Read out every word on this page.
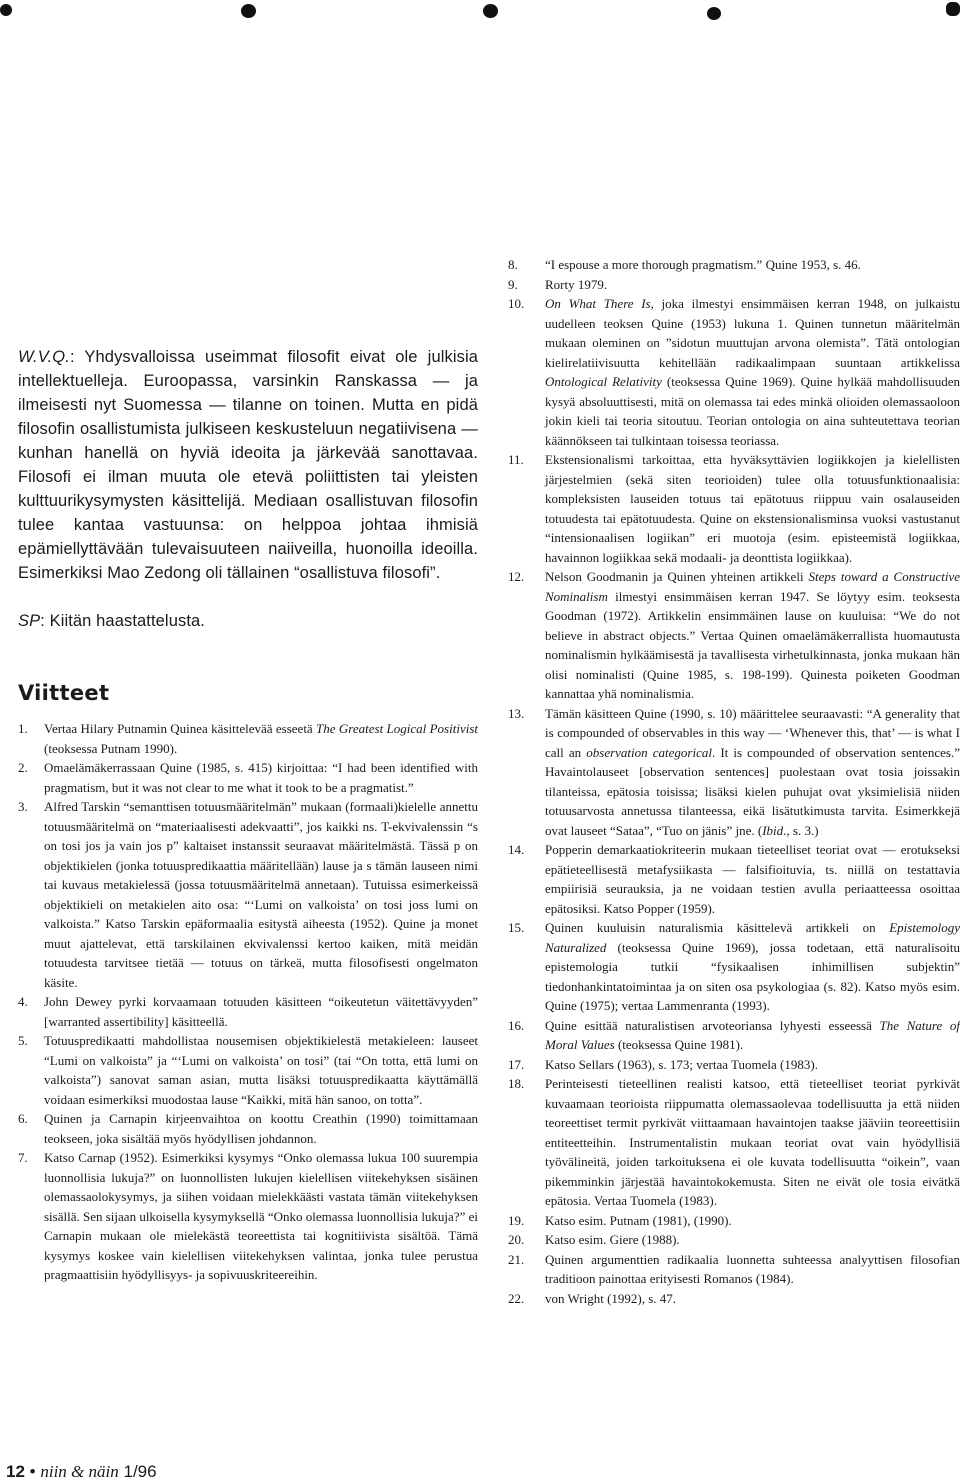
W.V.Q.: Yhdysvalloissa useimmat filosofit eivat ole julkisia intellektuelleja. Euroopassa, varsinkin Ranskassa — ja ilmeisesti nyt Suomessa — tilanne on toinen. Mutta en pidä filosofin osallistumista julkiseen keskusteluun negatiivisena — kunhan hanellä on hyviä ideoita ja järkevää sanottavaa. Filosofi ei ilman muuta ole etevä poliittisten tai yleisten kulttuurikysymysten käsittelijä. Mediaan osallistuvan filosofin tulee kantaa vastuunsa: on helppoa johtaa ihmisiä epämiellyttävään tulevaisuuteen naiiveilla, huonoilla ideoilla. Esimerkiksi Mao Zedong oli tällainen “osallistuva filosofi”.

SP: Kiitän haastattelusta.

Viitteet
1.	Vertaa Hilary Putnamin Quinea käsittelevää esseetä The Greatest Logical Positivist (teoksessa Putnam 1990).
2.	Omaelämäkerrassaan Quine (1985, s. 415) kirjoittaa: “I had been identified with pragmatism, but it was not clear to me what it took to be a pragmatist.”
3.	Alfred Tarskin “semanttisen totuusmääritelmän” mukaan (formaali)kielelle annettu totuusmääritelmä on “materiaalisesti adekvaatti”, jos kaikki ns. T-ekvivalenssin “s on tosi jos ja vain jos p” kaltaiset instanssit seuraavat määritelmästä. Tässä p on objektikielen (jonka totuuspredikaattia määritellään) lause ja s tämän lauseen nimi tai kuvaus metakielessä (jossa totuusmääritelmä annetaan). Tutuissa esimerkeissä objektikieli on metakielen aito osa: “‘Lumi on valkoista’ on tosi joss lumi on valkoista.” Katso Tarskin epäformaalia esitystä aiheesta (1952). Quine ja monet muut ajattelevat, että tarskilainen ekvivalenssi kertoo kaiken, mitä meidän totuudesta tarvitsee tietää — totuus on tärkeä, mutta filosofisesti ongelmaton käsite.
4.	John Dewey pyrki korvaamaan totuuden käsitteen “oikeutetun väitettävyyden” [warranted assertibility] käsitteellä.
5.	Totuuspredikaatti mahdollistaa nousemisen objektikielestä metakieleen: lauseet “Lumi on valkoista” ja “‘Lumi on valkoista’ on tosi” (tai “On totta, että lumi on valkoista”) sanovat saman asian, mutta lisäksi totuuspredikaatta käyttämällä voidaan esimerkiksi muodostaa lause “Kaikki, mitä hän sanoo, on totta”.
6.	Quinen ja Carnapin kirjeenvaihtoa on koottu Creathin (1990) toimittamaan teokseen, joka sisältää myös hyödyllisen johdannon.
7.	Katso Carnap (1952). Esimerkiksi kysymys “Onko olemassa lukua 100 suurempia luonnollisia lukuja?” on luonnollisten lukujen kielellisen viitekehyksen sisäinen olemassaolokysymys, ja siihen voidaan mielekkäästi vastata tämän viitekehyksen sisällä. Sen sijaan ulkoisella kysymyksellä “Onko olemassa luonnollisia lukuja?” ei Carnapin mukaan ole mielekästä teoreettista tai kognitiivista sisältöä. Tämä kysymys koskee vain kielellisen viitekehyksen valintaa, jonka tulee perustua pragmaattisiin hyödyllisyys- ja sopivuuskriteereihin.
8.	“I espouse a more thorough pragmatism.” Quine 1953, s. 46.
9.	Rorty 1979.
10.	On What There Is, joka ilmestyi ensimmäisen kerran 1948, on julkaistu uudelleen teoksen Quine (1953) lukuna 1. Quinen tunnetun määritelmän mukaan oleminen on ”sidotun muuttujan arvona olemista”. Tätä ontologian kielirelatiivisuutta kehitellään radikaalimpaan suuntaan artikkelissa Ontological Relativity (teoksessa Quine 1969). Quine hylkää mahdollisuuden kysyä absoluuttisesti, mitä on olemassa tai edes minkä olioiden olemassaoloon jokin kieli tai teoria sitoutuu. Teorian ontologia on aina suhteutettava teorian käännökseen tai tulkintaan toisessa teoriassa.
11.	Ekstensionalismi tarkoittaa, etta hyväksyttävien logiikkojen ja kielellisten järjestelmien (sekä siten teorioiden) tulee olla totuusfunktionaalisia: kompleksisten lauseiden totuus tai epätotuus riippuu vain osalauseiden totuudesta tai epätotuudesta. Quine on ekstensionalisminsa vuoksi vastustanut “intensionaalisen logiikan” eri muotoja (esim. episteemistä logiikkaa, havainnon logiikkaa sekä modaali- ja deonttista logiikkaa).
12.	Nelson Goodmanin ja Quinen yhteinen artikkeli Steps toward a Constructive Nominalism ilmestyi ensimmäisen kerran 1947. Se löytyy esim. teoksesta Goodman (1972). Artikkelin ensimmäinen lause on kuuluisa: “We do not believe in abstract objects.” Vertaa Quinen omaelämäkerrallista huomautusta nominalismin hylkäämisestä ja tavallisesta virhetulkinnasta, jonka mukaan hän olisi nominalisti (Quine 1985, s. 198-199). Quinesta poiketen Goodman kannattaa yhä nominalismia.
13.	Tämän käsitteen Quine (1990, s. 10) määrittelee seuraavasti: “A generality that is compounded of observables in this way — ‘Whenever this, that’ — is what I call an observation categorical. It is compounded of observation sentences.” Havaintolauseet [observation sentences] puolestaan ovat tosia joissakin tilanteissa, epätosia toisissa; lisäksi kielen puhujat ovat yksimielisiä niiden totuusarvosta annetussa tilanteessa, eikä lisätutkimusta tarvita. Esimerkkejä ovat lauseet “Sataa”, “Tuo on jänis” jne. (Ibid., s. 3.)
14.	Popperin demarkaatiokriteerin mukaan tieteelliset teoriat ovat — erotukseksi epätieteellisestä metafysiikasta — falsifioituvia, ts. niillä on testattavia empiirisiä seurauksia, ja ne voidaan testien avulla periaatteessa osoittaa epätosiksi. Katso Popper (1959).
15.	Quinen kuuluisin naturalismia käsittelevä artikkeli on Epistemology Naturalized (teoksessa Quine 1969), jossa todetaan, että naturalisoitu epistemologia tutkii “fysikaalisen inhimillisen subjektin” tiedonhankintatoimintaa ja on siten osa psykologiaa (s. 82). Katso myös esim. Quine (1975); vertaa Lammenranta (1993).
16.	Quine esittää naturalistisen arvoteoriansa lyhyesti esseessä The Nature of Moral Values (teoksessa Quine 1981).
17.	Katso Sellars (1963), s. 173; vertaa Tuomela (1983).
18.	Perinteisesti tieteellinen realisti katsoo, että tieteelliset teoriat pyrkivät kuvaamaan teorioista riippumatta olemassaolevaa todellisuutta ja että niiden teoreettiset termit pyrkivät viittaamaan havaintojen taakse jääviin teoreettisiin entiteetteihin. Instrumentalistin mukaan teoriat ovat vain hyödyllisiä työvälineitä, joiden tarkoituksena ei ole kuvata todellisuutta “oikein”, vaan pikemminkin järjestää havaintokokemusta. Siten ne eivät ole tosia eivätkä epätosia. Vertaa Tuomela (1983).
19.	Katso esim. Putnam (1981), (1990).
20.	Katso esim. Giere (1988).
21.	Quinen argumenttien radikaalia luonnetta suhteessa analyyttisen filosofian traditioon painottaa erityisesti Romanos (1984).
22.	von Wright (1992), s. 47.
12 • niin & näin 1/96
